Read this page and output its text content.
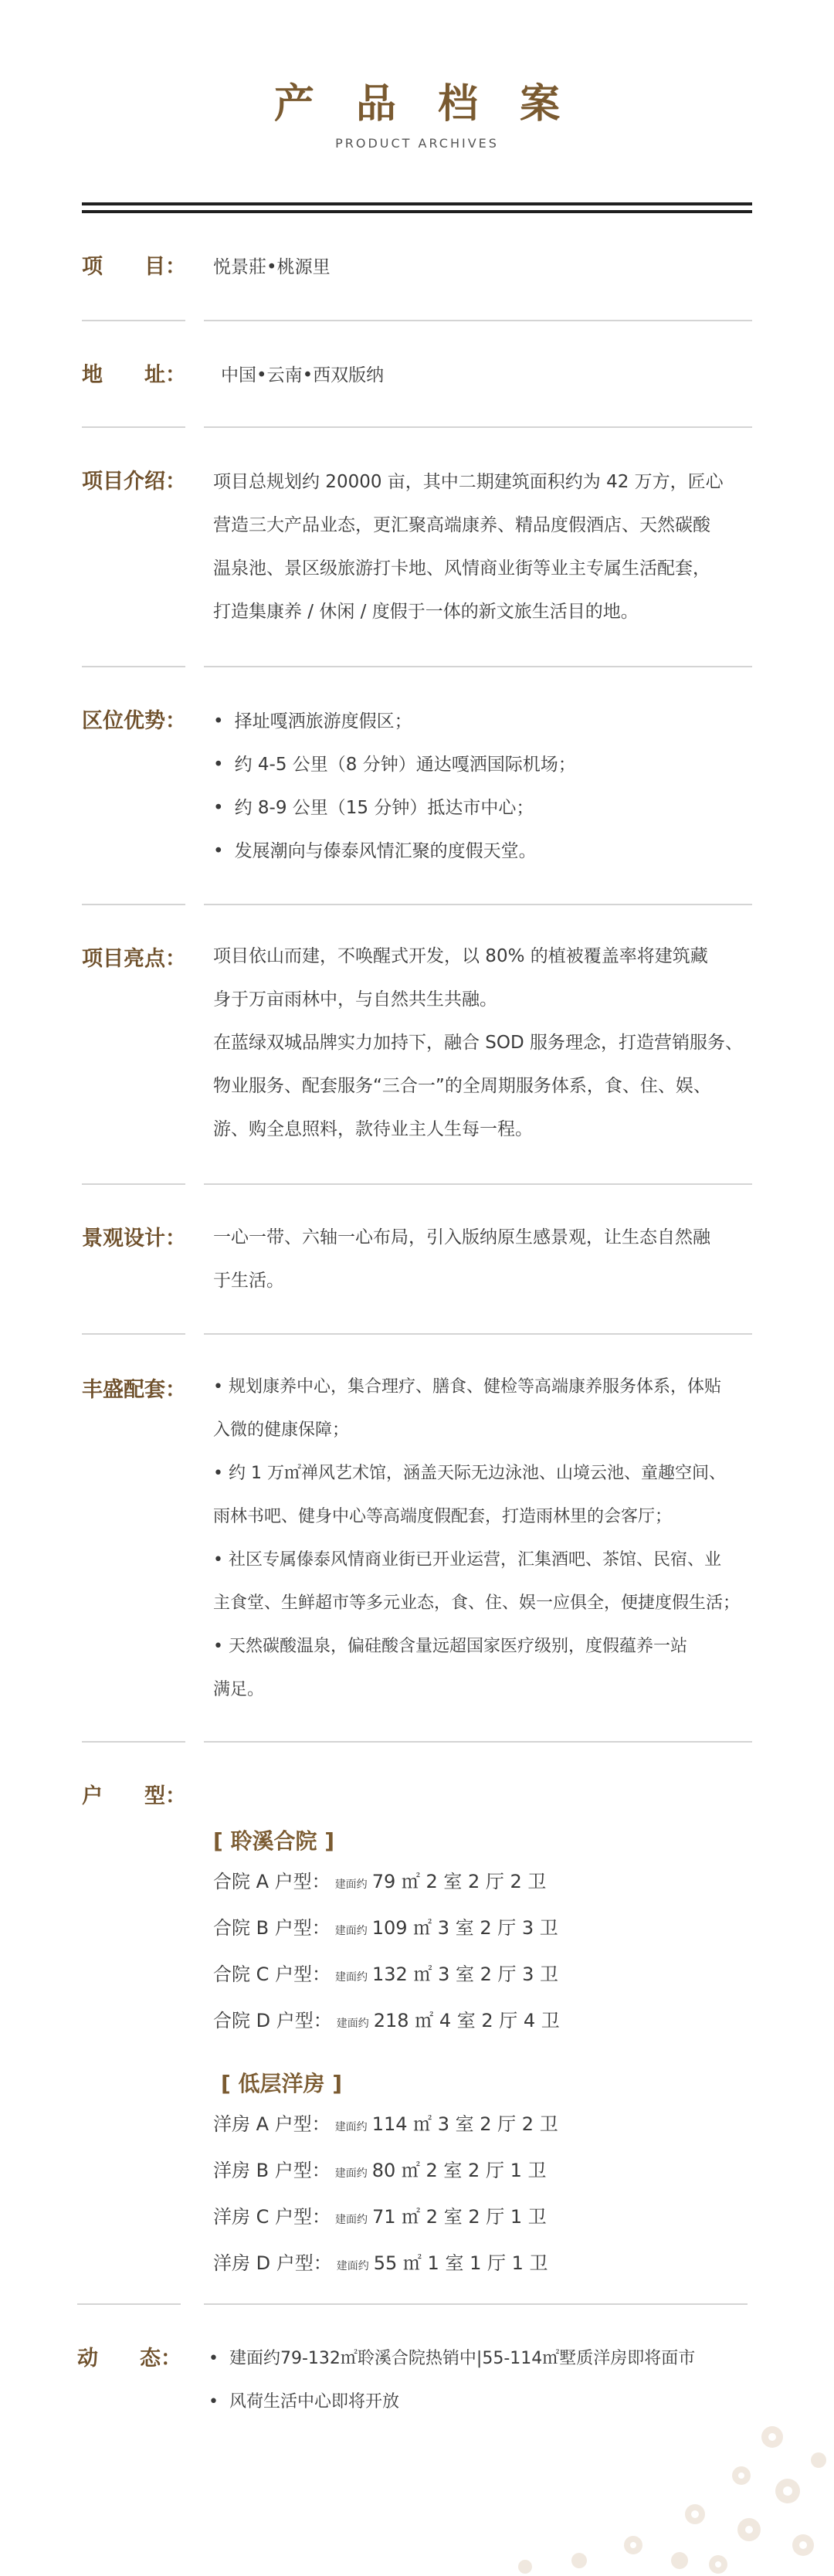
产 品 档 案
PRODUCT ARCHIVES
项　　目： 悦景莊•桃源里
地　　址： 中国•云南•西双版纳
项目介绍： 项目总规划约 20000 亩，其中二期建筑面积约为 42 万方，匠心
营造三大产品业态，更汇聚高端康养、精品度假酒店、天然碳酸
温泉池、景区级旅游打卡地、风情商业街等业主专属生活配套，
打造集康养 / 休闲 / 度假于一体的新文旅生活目的地。
区位优势：	• 择址嘎洒旅游度假区；
• 约 4-5 公里（8 分钟）通达嘎洒国际机场；
• 约 8-9 公里（15 分钟）抵达市中心；
• 发展潮向与傣泰风情汇聚的度假天堂。
项目亮点： 项目依山而建，不唤醒式开发，以 80% 的植被覆盖率将建筑藏
身于万亩雨林中，与自然共生共融。
在蓝绿双城品牌实力加持下，融合 SOD 服务理念，打造营销服务、
物业服务、配套服务“三合一”的全周期服务体系，食、住、娱、
游、购全息照料，款待业主人生每一程。
景观设计： 一心一带、六轴一心布局，引入版纳原生感景观，让生态自然融
于生活。
丰盛配套： • 规划康养中心，集合理疗、膳食、健检等高端康养服务体系，体贴
入微的健康保障；
• 约 1 万㎡禅风艺术馆，涵盖天际无边泳池、山境云池、童趣空间、
雨林书吧、健身中心等高端度假配套，打造雨林里的会客厅；
• 社区专属傣泰风情商业街已开业运营，汇集酒吧、茶馆、民宿、业
主食堂、生鲜超市等多元业态，食、住、娱一应俱全，便捷度假生活；
• 天然碳酸温泉，偏硅酸含量远超国家医疗级别，度假蕴养一站
满足。
户　　型：
[ 聆溪合院 ]
合院 A 户型： 建面约 79 ㎡ 2 室 2 厅 2 卫
合院 B 户型： 建面约 109 ㎡ 3 室 2 厅 3 卫
合院 C 户型： 建面约 132 ㎡ 3 室 2 厅 3 卫
合院 D 户型： 建面约 218 ㎡ 4 室 2 厅 4 卫
[ 低层洋房 ]
洋房 A 户型： 建面约 114 ㎡ 3 室 2 厅 2 卫
洋房 B 户型： 建面约 80 ㎡ 2 室 2 厅 1 卫
洋房 C 户型： 建面约 71 ㎡ 2 室 2 厅 1 卫
洋房 D 户型： 建面约 55 ㎡ 1 室 1 厅 1 卫
动　　态：	• 建面约79-132㎡聆溪合院热销中|55-114㎡墅质洋房即将面市
• 风荷生活中心即将开放
